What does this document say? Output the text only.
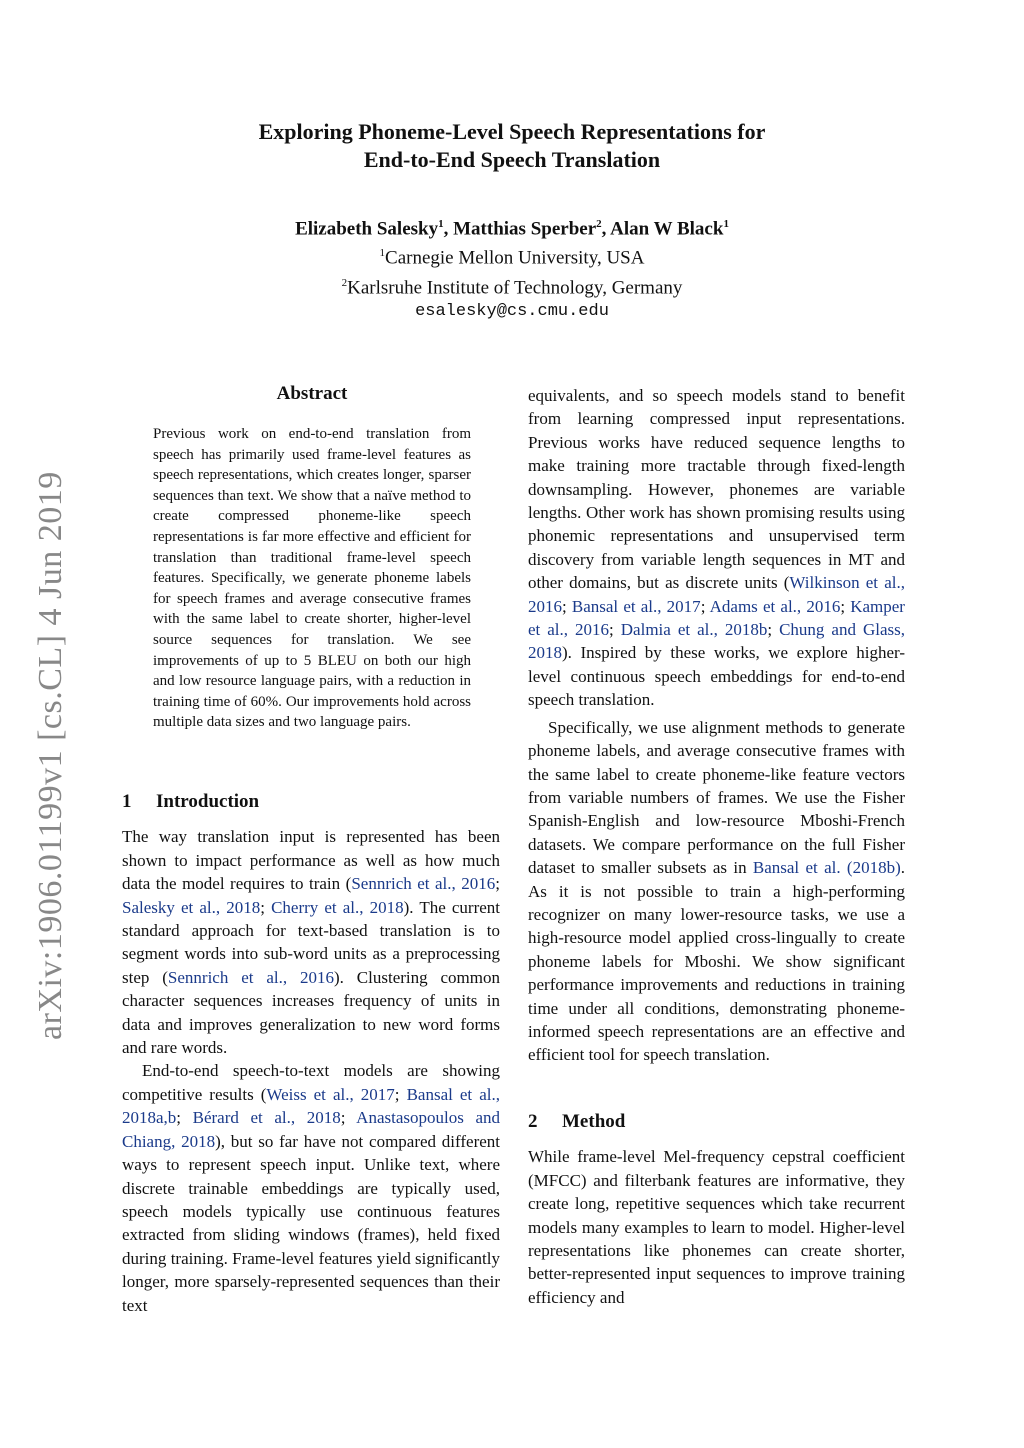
arXiv:1906.01199v1 [cs.CL] 4 Jun 2019
Exploring Phoneme-Level Speech Representations for
End-to-End Speech Translation
Elizabeth Salesky$^1$, Matthias Sperber$^2$, Alan W Black$^1$
$^1$Carnegie Mellon University, USA
$^2$Karlsruhe Institute of Technology, Germany
esalesky@cs.cmu.edu
Abstract
Previous work on end-to-end translation from speech has primarily used frame-level features as speech representations, which creates longer, sparser sequences than text. We show that a naïve method to create compressed phoneme-like speech representations is far more effective and efficient for translation than traditional frame-level speech features. Specifically, we generate phoneme labels for speech frames and average consecutive frames with the same label to create shorter, higher-level source sequences for translation. We see improvements of up to 5 BLEU on both our high and low resource language pairs, with a reduction in training time of 60%. Our improvements hold across multiple data sizes and two language pairs.
1 Introduction

The way translation input is represented has been shown to impact performance as well as how much data the model requires to train (Sennrich et al., 2016; Salesky et al., 2018; Cherry et al., 2018). The current standard approach for text-based translation is to segment words into sub-word units as a preprocessing step (Sennrich et al., 2016). Clustering common character sequences increases frequency of units in data and improves generalization to new word forms and rare words.

End-to-end speech-to-text models are showing competitive results (Weiss et al., 2017; Bansal et al., 2018a,b; Bérard et al., 2018; Anastasopoulos and Chiang, 2018), but so far have not compared different ways to represent speech input. Unlike text, where discrete trainable embeddings are typically used, speech models typically use continuous features extracted from sliding windows (frames), held fixed during training. Frame-level features yield significantly longer, more sparsely-represented sequences than their text

equivalents, and so speech models stand to benefit from learning compressed input representations. Previous works have reduced sequence lengths to make training more tractable through fixed-length downsampling. However, phonemes are variable lengths. Other work has shown promising results using phonemic representations and unsupervised term discovery from variable length sequences in MT and other domains, but as discrete units (Wilkinson et al., 2016; Bansal et al., 2017; Adams et al., 2016; Kamper et al., 2016; Dalmia et al., 2018b; Chung and Glass, 2018). Inspired by these works, we explore higher-level continuous speech embeddings for end-to-end speech translation.

Specifically, we use alignment methods to generate phoneme labels, and average consecutive frames with the same label to create phoneme-like feature vectors from variable numbers of frames. We use the Fisher Spanish-English and low-resource Mboshi-French datasets. We compare performance on the full Fisher dataset to smaller subsets as in Bansal et al. (2018b). As it is not possible to train a high-performing recognizer on many lower-resource tasks, we use a high-resource model applied cross-lingually to create phoneme labels for Mboshi. We show significant performance improvements and reductions in training time under all conditions, demonstrating phoneme-informed speech representations are an effective and efficient tool for speech translation.

2 Method

While frame-level Mel-frequency cepstral coefficient (MFCC) and filterbank features are informative, they create long, repetitive sequences which take recurrent models many examples to learn to model. Higher-level representations like phonemes can create shorter, better-represented input sequences to improve training efficiency and
